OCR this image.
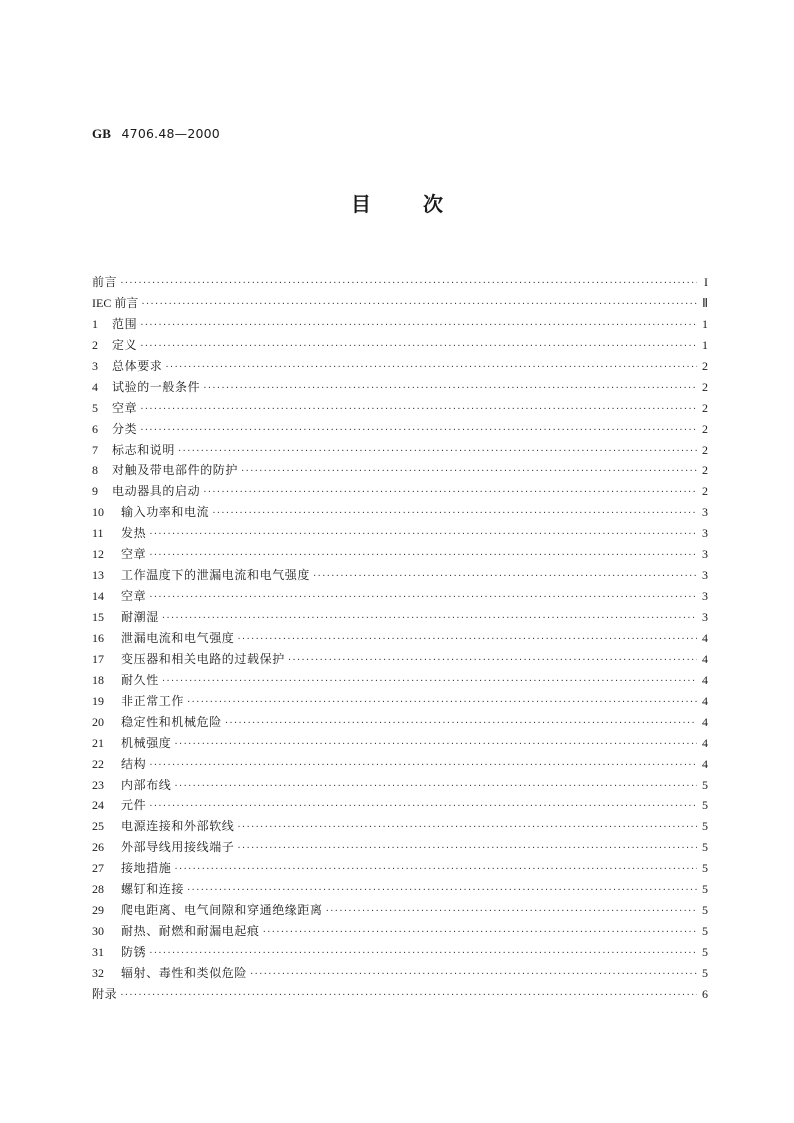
GB 4706.48—2000
目	次
前言 ·····	I
IEC 前言 ·····	Ⅱ
1	范围 ·····	1
2	定义 ·····	1
3	总体要求 ·····	2
4	试验的一般条件 ·····	2
5	空章 ·····	2
6	分类 ·····	2
7	标志和说明 ·····	2
8	对触及带电部件的防护 ·····	2
9	电动器具的启动 ·····	2
10	输入功率和电流 ·····	3
11	发热 ·····	3
12	空章 ·····	3
13	工作温度下的泄漏电流和电气强度 ·····	3
14	空章 ·····	3
15	耐潮湿 ·····	3
16	泄漏电流和电气强度 ·····	4
17	变压器和相关电路的过载保护 ·····	4
18	耐久性 ·····	4
19	非正常工作 ·····	4
20	稳定性和机械危险 ·····	4
21	机械强度 ·····	4
22	结构 ·····	4
23	内部布线 ·····	5
24	元件 ·····	5
25	电源连接和外部软线 ·····	5
26	外部导线用接线端子 ·····	5
27	接地措施 ·····	5
28	螺钉和连接 ·····	5
29	爬电距离、电气间隙和穿通绝缘距离 ·····	5
30	耐热、耐燃和耐漏电起痕 ·····	5
31	防锈 ·····	5
32	辐射、毒性和类似危险 ·····	5
附录 ·····	6
